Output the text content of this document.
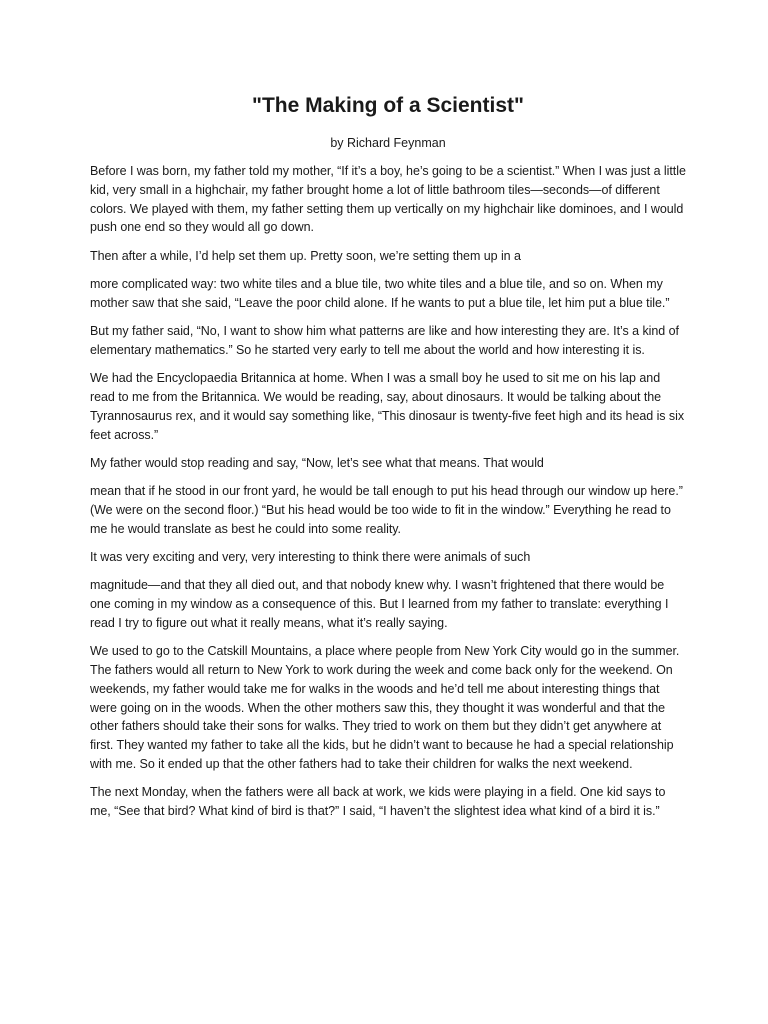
"The Making of a Scientist"

by Richard Feynman

Before I was born, my father told my mother, “If it’s a boy, he’s going to be a scientist.” When I was just a little kid, very small in a highchair, my father brought home a lot of little bathroom tiles—seconds—of different colors. We played with them, my father setting them up vertically on my highchair like dominoes, and I would push one end so they would all go down.

Then after a while, I’d help set them up. Pretty soon, we’re setting them up in a

more complicated way: two white tiles and a blue tile, two white tiles and a blue tile, and so on. When my mother saw that she said, “Leave the poor child alone. If he wants to put a blue tile, let him put a blue tile.”

But my father said, “No, I want to show him what patterns are like and how interesting they are. It’s a kind of elementary mathematics.” So he started very early to tell me about the world and how interesting it is.

We had the Encyclopaedia Britannica at home. When I was a small boy he used to sit me on his lap and read to me from the Britannica. We would be reading, say, about dinosaurs. It would be talking about the Tyrannosaurus rex, and it would say something like, “This dinosaur is twenty-five feet high and its head is six feet across.”

My father would stop reading and say, “Now, let’s see what that means. That would

mean that if he stood in our front yard, he would be tall enough to put his head through our window up here.” (We were on the second floor.) “But his head would be too wide to fit in the window.” Everything he read to me he would translate as best he could into some reality.

It was very exciting and very, very interesting to think there were animals of such

magnitude—and that they all died out, and that nobody knew why. I wasn’t frightened that there would be one coming in my window as a consequence of this. But I learned from my father to translate: everything I read I try to figure out what it really means, what it’s really saying.

We used to go to the Catskill Mountains, a place where people from New York City would go in the summer. The fathers would all return to New York to work during the week and come back only for the weekend. On weekends, my father would take me for walks in the woods and he’d tell me about interesting things that were going on in the woods. When the other mothers saw this, they thought it was wonderful and that the other fathers should take their sons for walks. They tried to work on them but they didn’t get anywhere at first. They wanted my father to take all the kids, but he didn’t want to because he had a special relationship with me. So it ended up that the other fathers had to take their children for walks the next weekend.

The next Monday, when the fathers were all back at work, we kids were playing in a field. One kid says to me, “See that bird? What kind of bird is that?” I said, “I haven’t the slightest idea what kind of a bird it is.”
